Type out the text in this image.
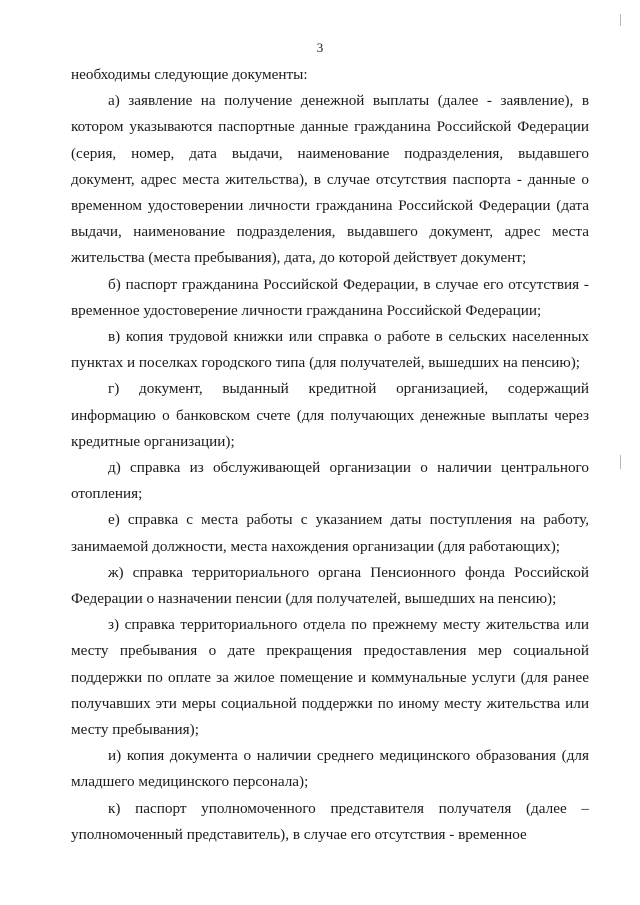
3

необходимы следующие документы:

а) заявление на получение денежной выплаты (далее - заявление), в котором указываются паспортные данные гражданина Российской Федерации (серия, номер, дата выдачи, наименование подразделения, выдавшего документ, адрес места жительства), в случае отсутствия паспорта - данные о временном удостоверении личности гражданина Российской Федерации (дата выдачи, наименование подразделения, выдавшего документ, адрес места жительства (места пребывания), дата, до которой действует документ;

б) паспорт гражданина Российской Федерации, в случае его отсутствия - временное удостоверение личности гражданина Российской Федерации;

в) копия трудовой книжки или справка о работе в сельских населенных пунктах и поселках городского типа (для получателей, вышедших на пенсию);

г) документ, выданный кредитной организацией, содержащий информацию о банковском счете (для получающих денежные выплаты через кредитные организации);

д) справка из обслуживающей организации о наличии центрального отопления;

е) справка с места работы с указанием даты поступления на работу, занимаемой должности, места нахождения организации (для работающих);

ж) справка территориального органа Пенсионного фонда Российской Федерации о назначении пенсии (для получателей, вышедших на пенсию);

з) справка территориального отдела по прежнему месту жительства или месту пребывания о дате прекращения предоставления мер социальной поддержки по оплате за жилое помещение и коммунальные услуги (для ранее получавших эти меры социальной поддержки по иному месту жительства или месту пребывания);

и) копия документа о наличии среднего медицинского образования (для младшего медицинского персонала);

к) паспорт уполномоченного представителя получателя (далее – уполномоченный представитель), в случае его отсутствия - временное
